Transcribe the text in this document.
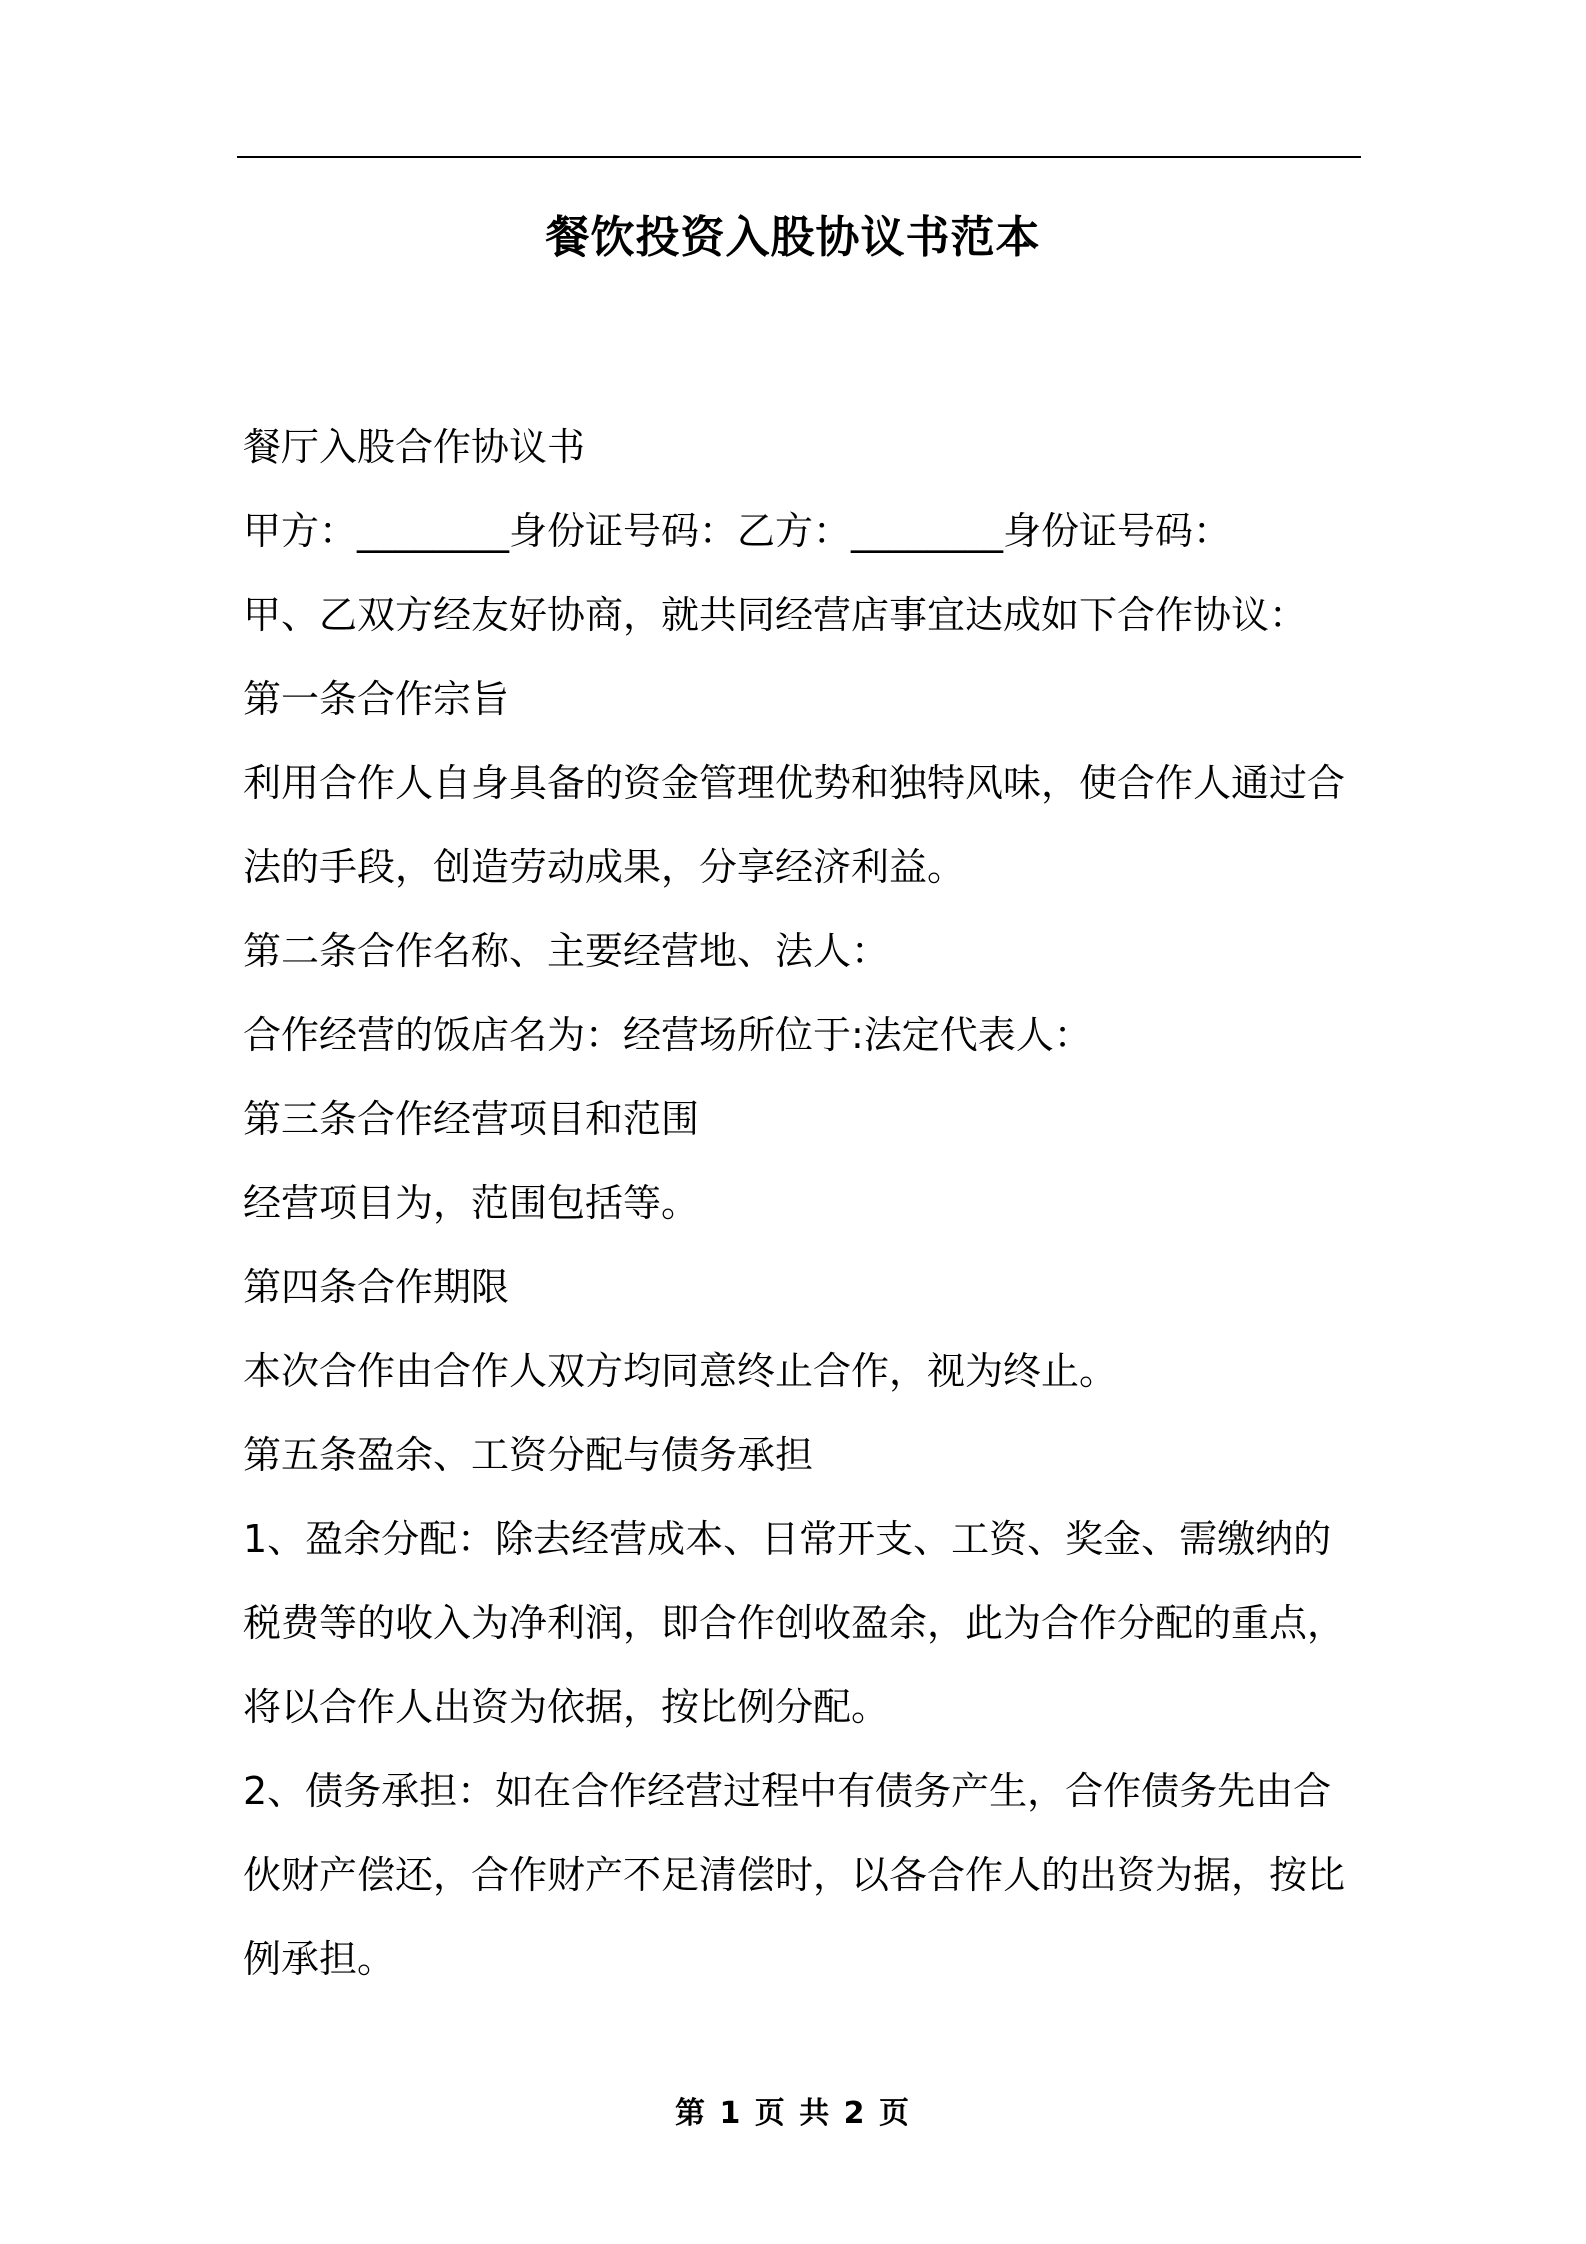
餐饮投资入股协议书范本

餐厅入股合作协议书

甲方：________身份证号码：乙方：________身份证号码：

甲、乙双方经友好协商，就共同经营店事宜达成如下合作协议：

第一条合作宗旨

利用合作人自身具备的资金管理优势和独特风味，使合作人通过合法的手段，创造劳动成果，分享经济利益。

第二条合作名称、主要经营地、法人：

合作经营的饭店名为：经营场所位于:法定代表人：

第三条合作经营项目和范围

经营项目为，范围包括等。

第四条合作期限

本次合作由合作人双方均同意终止合作，视为终止。

第五条盈余、工资分配与债务承担

1、盈余分配：除去经营成本、日常开支、工资、奖金、需缴纳的税费等的收入为净利润，即合作创收盈余，此为合作分配的重点，将以合作人出资为依据，按比例分配。

2、债务承担：如在合作经营过程中有债务产生，合作债务先由合伙财产偿还，合作财产不足清偿时，以各合作人的出资为据，按比例承担。

第 1 页 共 2 页
